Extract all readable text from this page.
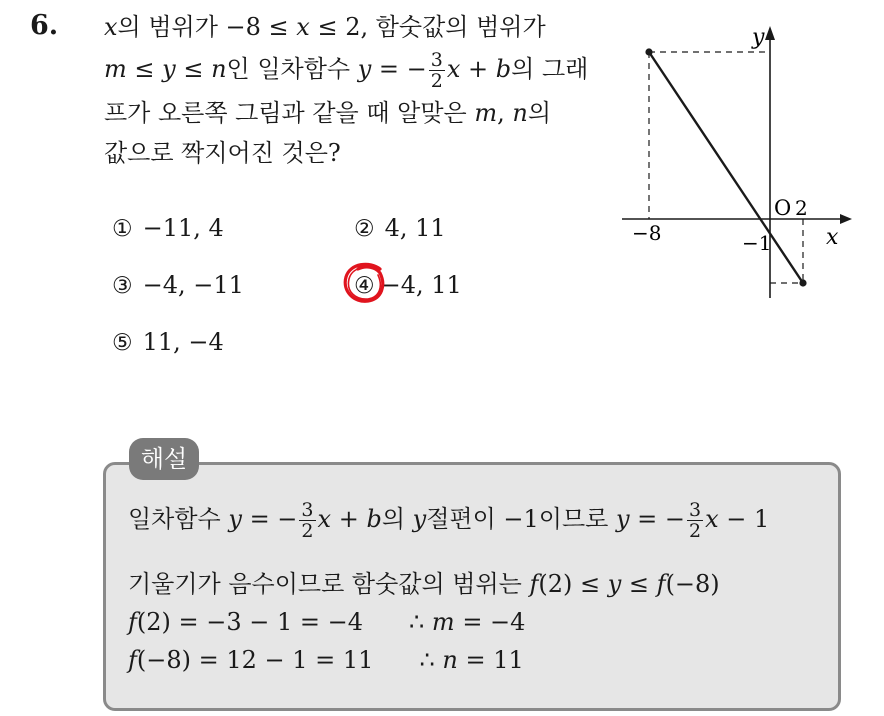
6. x의 범위가 −8 ≤ x ≤ 2, 함숫값의 범위가
m ≤ y ≤ n인 일차함수 y = − $\frac{3}{2}$ x + b의 그래
프가 오른쪽 그림과 같을 때 알맞은 m, n의
값으로 짝지어진 것은?
① −11, 4	② 4, 11
③ −4, −11	④ −4, 11
⑤ 11, −4
y
x
O 2
−8	−1
해설
일차함수 y = − $\frac{3}{2}$ x + b의 y절편이 −1이므로 y = − $\frac{3}{2}$ x − 1
기울기가 음수이므로 함숫값의 범위는 f(2) ≤ y ≤ f(−8)
f(2) = −3 − 1 = −4 ∴ m = −4
f(−8) = 12 − 1 = 11 ∴ n = 11
